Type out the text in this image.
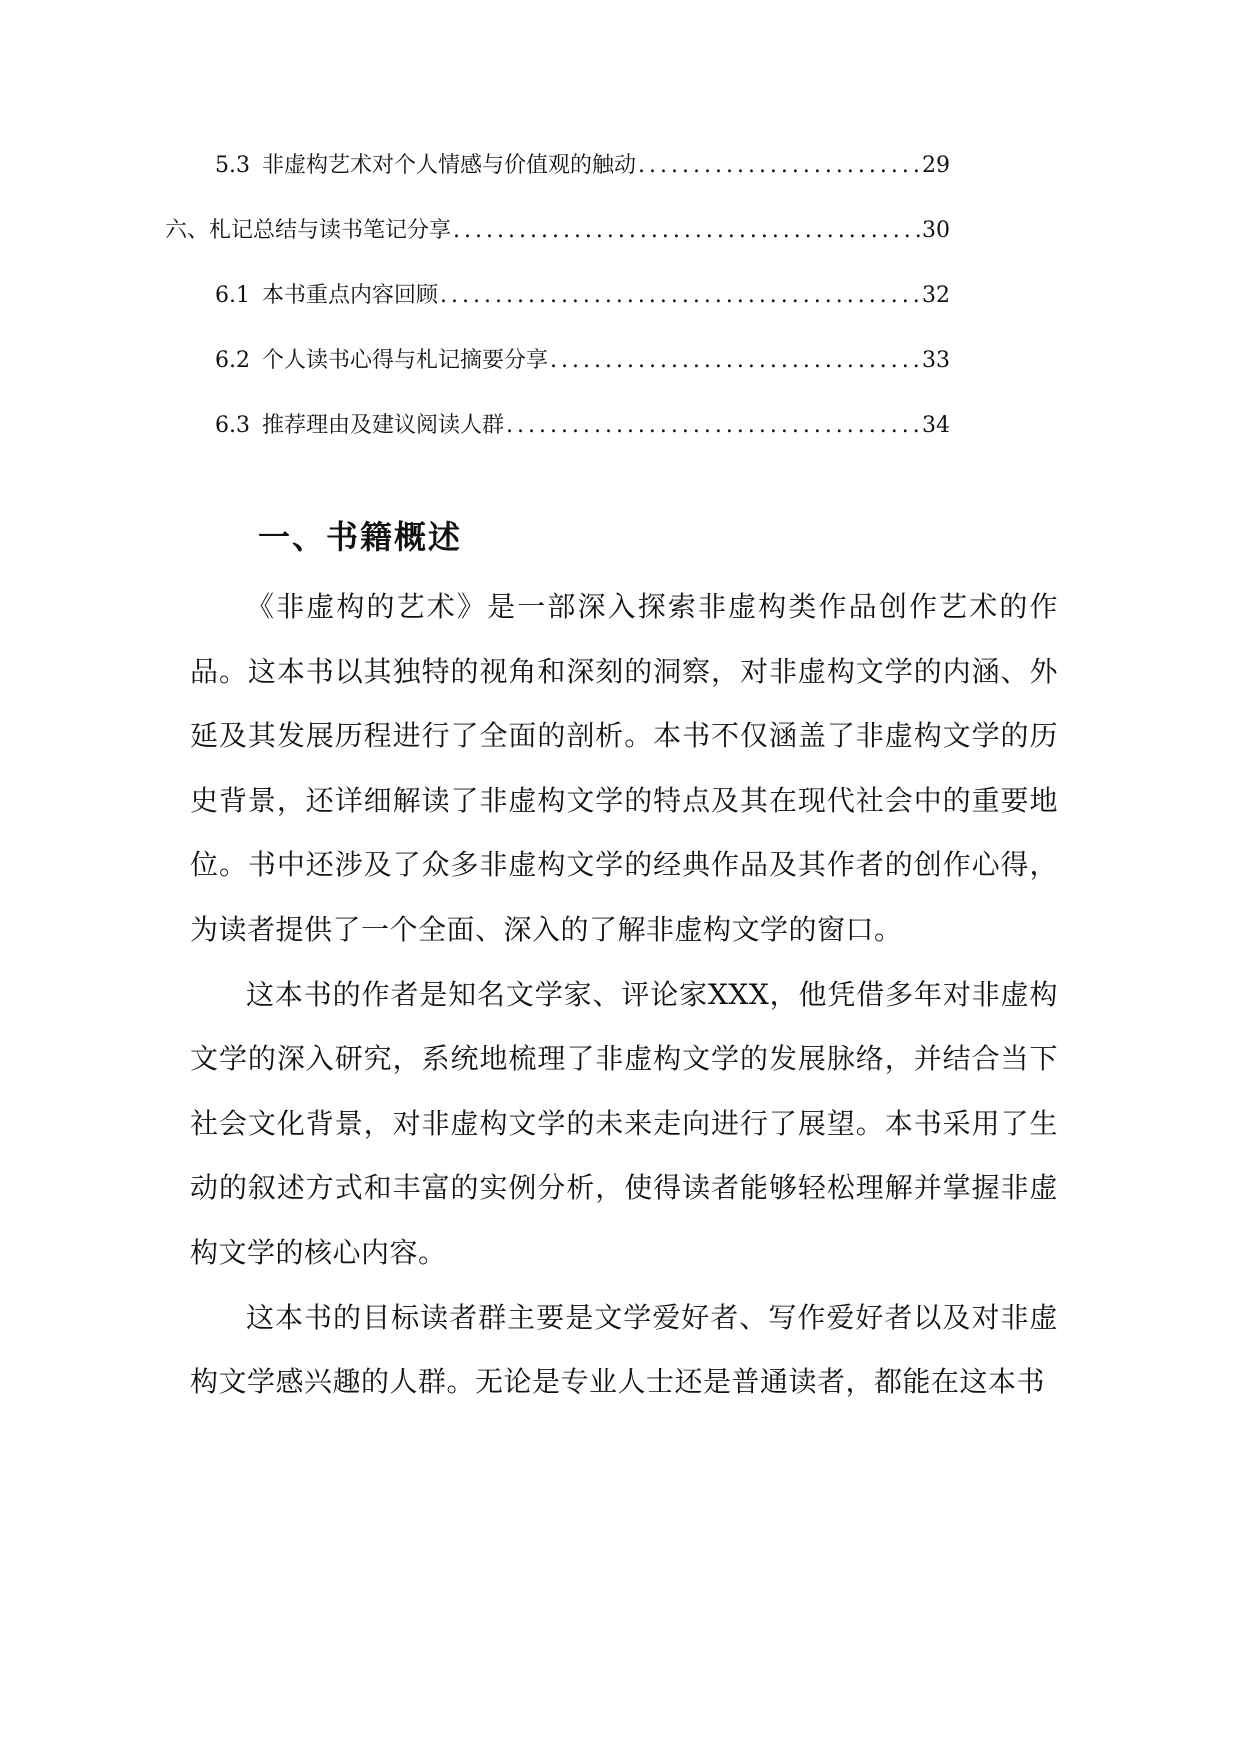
5.3 非虚构艺术对个人情感与价值观的触动 .....	29
六、札记总结与读书笔记分享 .....	30
6.1 本书重点内容回顾 .....	32
6.2 个人读书心得与札记摘要分享 .....	33
6.3 推荐理由及建议阅读人群 .....	34
一、书籍概述

《非虚构的艺术》是一部深入探索非虚构类作品创作艺术的作品。这本书以其独特的视角和深刻的洞察，对非虚构文学的内涵、外延及其发展历程进行了全面的剖析。本书不仅涵盖了非虚构文学的历史背景，还详细解读了非虚构文学的特点及其在现代社会中的重要地位。书中还涉及了众多非虚构文学的经典作品及其作者的创作心得，为读者提供了一个全面、深入的了解非虚构文学的窗口。

这本书的作者是知名文学家、评论家XXX，他凭借多年对非虚构文学的深入研究，系统地梳理了非虚构文学的发展脉络，并结合当下社会文化背景，对非虚构文学的未来走向进行了展望。本书采用了生动的叙述方式和丰富的实例分析，使得读者能够轻松理解并掌握非虚构文学的核心内容。

这本书的目标读者群主要是文学爱好者、写作爱好者以及对非虚构文学感兴趣的人群。无论是专业人士还是普通读者，都能在这本书
